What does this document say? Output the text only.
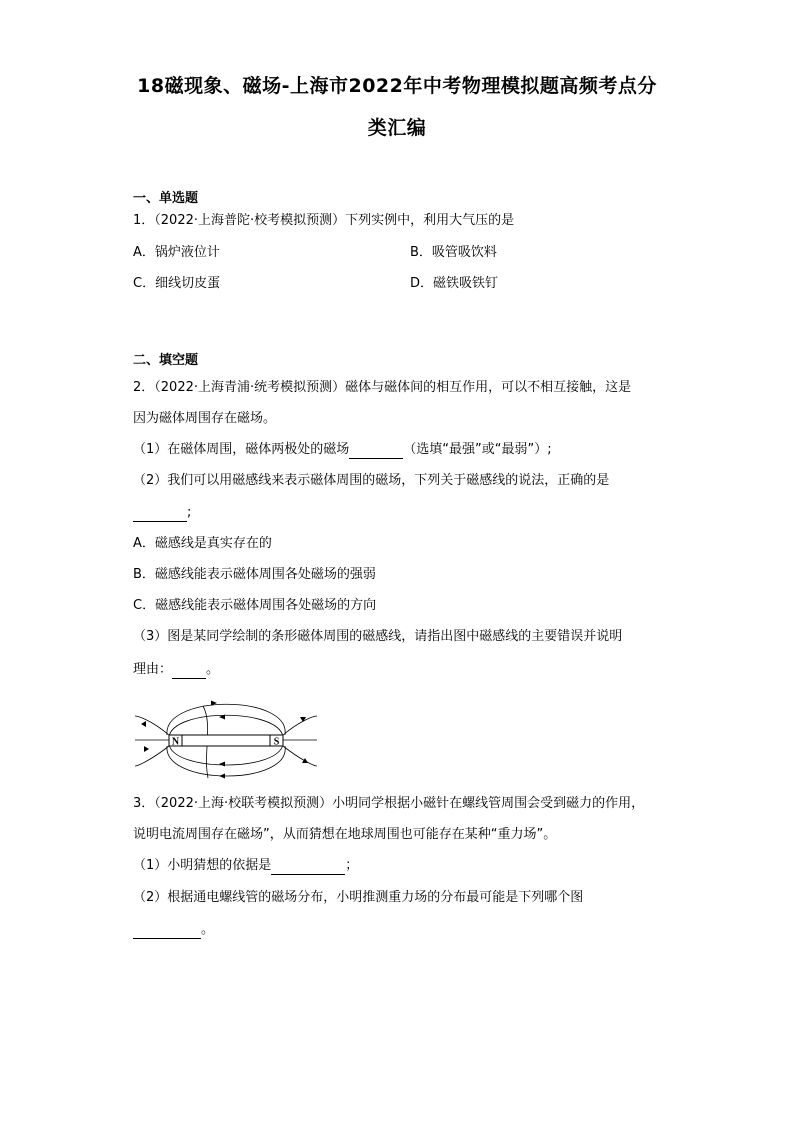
18磁现象、磁场-上海市2022年中考物理模拟题高频考点分
类汇编
一、单选题
1．（2022·上海普陀·校考模拟预测）下列实例中，利用大气压的是
A．锅炉液位计	B．吸管吸饮料
C．细线切皮蛋	D．磁铁吸铁钉
二、填空题
2．（2022·上海青浦·统考模拟预测）磁体与磁体间的相互作用，可以不相互接触，这是
因为磁体周围存在磁场。
（1）在磁体周围，磁体两极处的磁场	（选填“最强”或“最弱”）;
（2）我们可以用磁感线来表示磁体周围的磁场，下列关于磁感线的说法，正确的是
;
A．磁感线是真实存在的
B．磁感线能表示磁体周围各处磁场的强弱
C．磁感线能表示磁体周围各处磁场的方向
（3）图是某同学绘制的条形磁体周围的磁感线，请指出图中磁感线的主要错误并说明
理由：	。
N	S
3．（2022·上海·校联考模拟预测）小明同学根据小磁针在螺线管周围会受到磁力的作用，
说明电流周围存在磁场”，从而猜想在地球周围也可能存在某种“重力场”。
（1）小明猜想的依据是	；
（2）根据通电螺线管的磁场分布，小明推测重力场的分布最可能是下列哪个图
。
